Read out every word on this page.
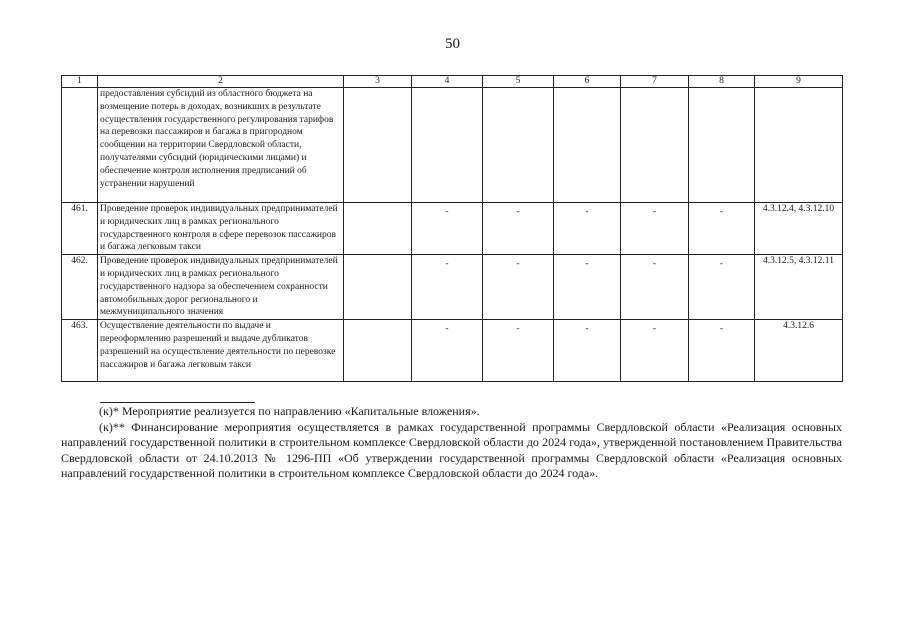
50
1	2	3	4	5	6	7	8	9
	предоставления субсидий из областного бюджета на возмещение потерь в доходах, возникших в результате осуществления государственного регулирования тарифов на перевозки пассажиров и багажа в пригородном сообщении на территории Свердловской области, получателями субсидий (юридическими лицами) и обеспечение контроля исполнения предписаний об устранении нарушений							
461.	Проведение проверок индивидуальных предпринимателей и юридических лиц в рамках регионального государственного контроля в сфере перевозок пассажиров и багажа легковым такси		-	-	-	-	-	4.3.12.4, 4.3.12.10
462.	Проведение проверок индивидуальных предпринимателей и юридических лиц в рамках регионального государственного надзора за обеспечением сохранности автомобильных дорог регионального и межмуниципального значения		-	-	-	-	-	4.3.12.5, 4.3.12.11
463.	Осуществление деятельности по выдаче и переоформлению разрешений и выдаче дубликатов разрешений на осуществление деятельности по перевозке пассажиров и багажа легковым такси		-	-	-	-	-	4.3.12.6

(к)* Мероприятие реализуется по направлению «Капитальные вложения».

(к)** Финансирование мероприятия осуществляется в рамках государственной программы Свердловской области «Реализация основных направлений государственной политики в строительном комплексе Свердловской области до 2024 года», утвержденной постановлением Правительства Свердловской области от 24.10.2013 № 1296-ПП «Об утверждении государственной программы Свердловской области «Реализация основных направлений государственной политики в строительном комплексе Свердловской области до 2024 года».
